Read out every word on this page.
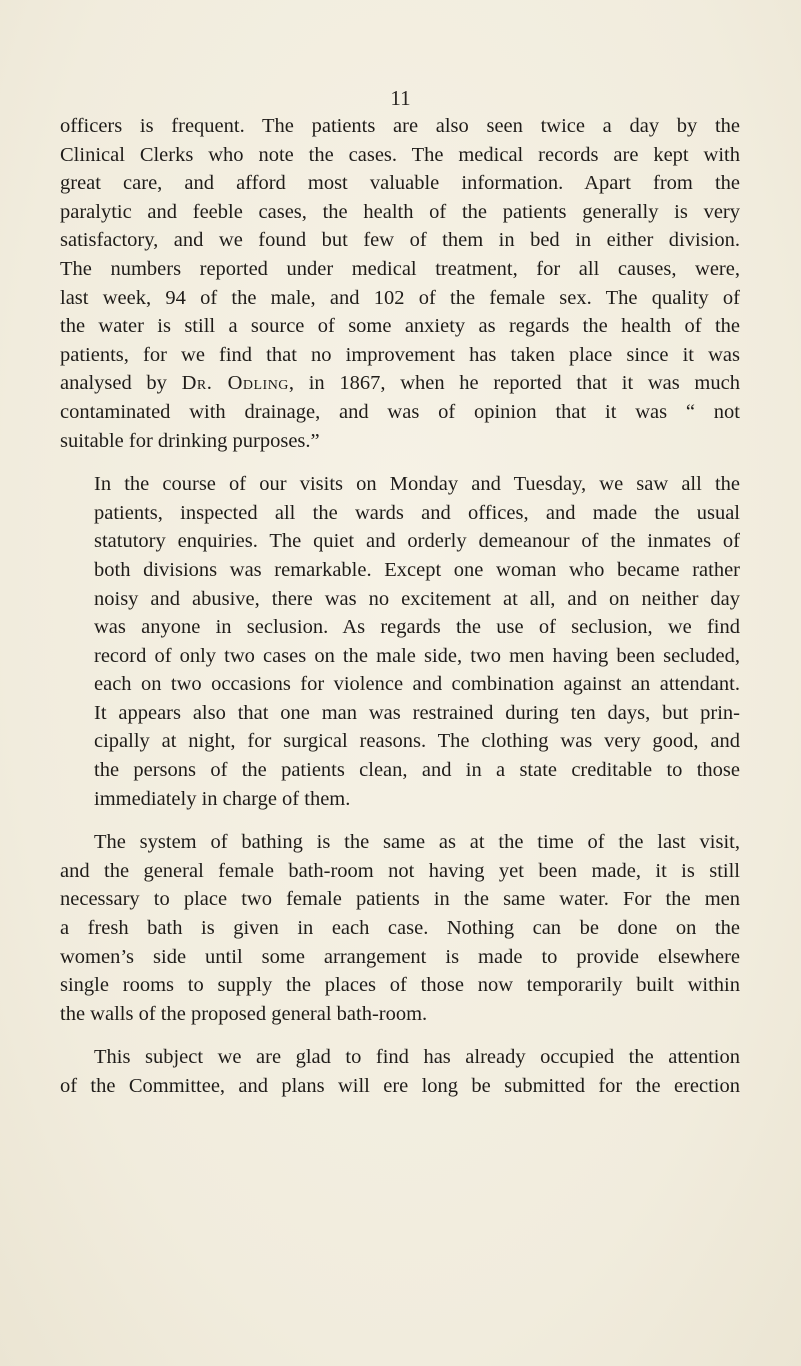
11

officers is frequent. The patients are also seen twice a day by the
Clinical Clerks who note the cases. The medical records are kept with
great care, and afford most valuable information. Apart from the
paralytic and feeble cases, the health of the patients generally is very
satisfactory, and we found but few of them in bed in either division.
The numbers reported under medical treatment, for all causes, were,
last week, 94 of the male, and 102 of the female sex. The quality of
the water is still a source of some anxiety as regards the health of the
patients, for we find that no improvement has taken place since it was
analysed by Dr. Odling, in 1867, when he reported that it was much
contaminated with drainage, and was of opinion that it was “ not
suitable for drinking purposes.”

In the course of our visits on Monday and Tuesday, we saw all the
patients, inspected all the wards and offices, and made the usual
statutory enquiries. The quiet and orderly demeanour of the inmates of
both divisions was remarkable. Except one woman who became rather
noisy and abusive, there was no excitement at all, and on neither day
was anyone in seclusion. As regards the use of seclusion, we find
record of only two cases on the male side, two men having been secluded,
each on two occasions for violence and combination against an attendant.
It appears also that one man was restrained during ten days, but prin-
cipally at night, for surgical reasons. The clothing was very good, and
the persons of the patients clean, and in a state creditable to those
immediately in charge of them.

The system of bathing is the same as at the time of the last visit,
and the general female bath-room not having yet been made, it is still
necessary to place two female patients in the same water. For the men
a fresh bath is given in each case. Nothing can be done on the
women’s side until some arrangement is made to provide elsewhere
single rooms to supply the places of those now temporarily built within
the walls of the proposed general bath-room.

This subject we are glad to find has already occupied the attention
of the Committee, and plans will ere long be submitted for the erection
